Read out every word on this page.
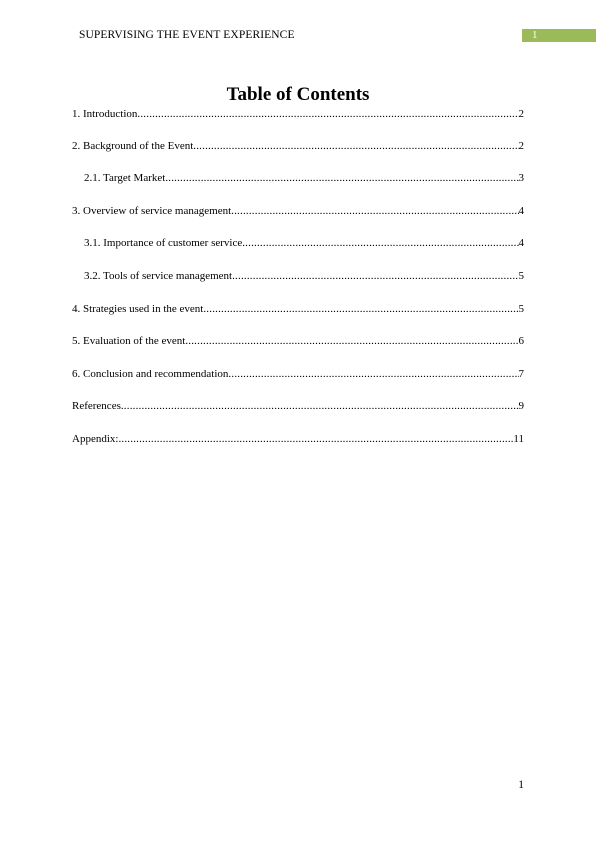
SUPERVISING THE EVENT EXPERIENCE	1
Table of Contents
1. Introduction .....	2
2. Background of the Event .....	2
2.1. Target Market .....	3
3. Overview of service management .....	4
3.1. Importance of customer service .....	4
3.2. Tools of service management .....	5
4. Strategies used in the event .....	5
5. Evaluation of the event .....	6
6. Conclusion and recommendation .....	7
References .....	9
Appendix: .....	11
1
